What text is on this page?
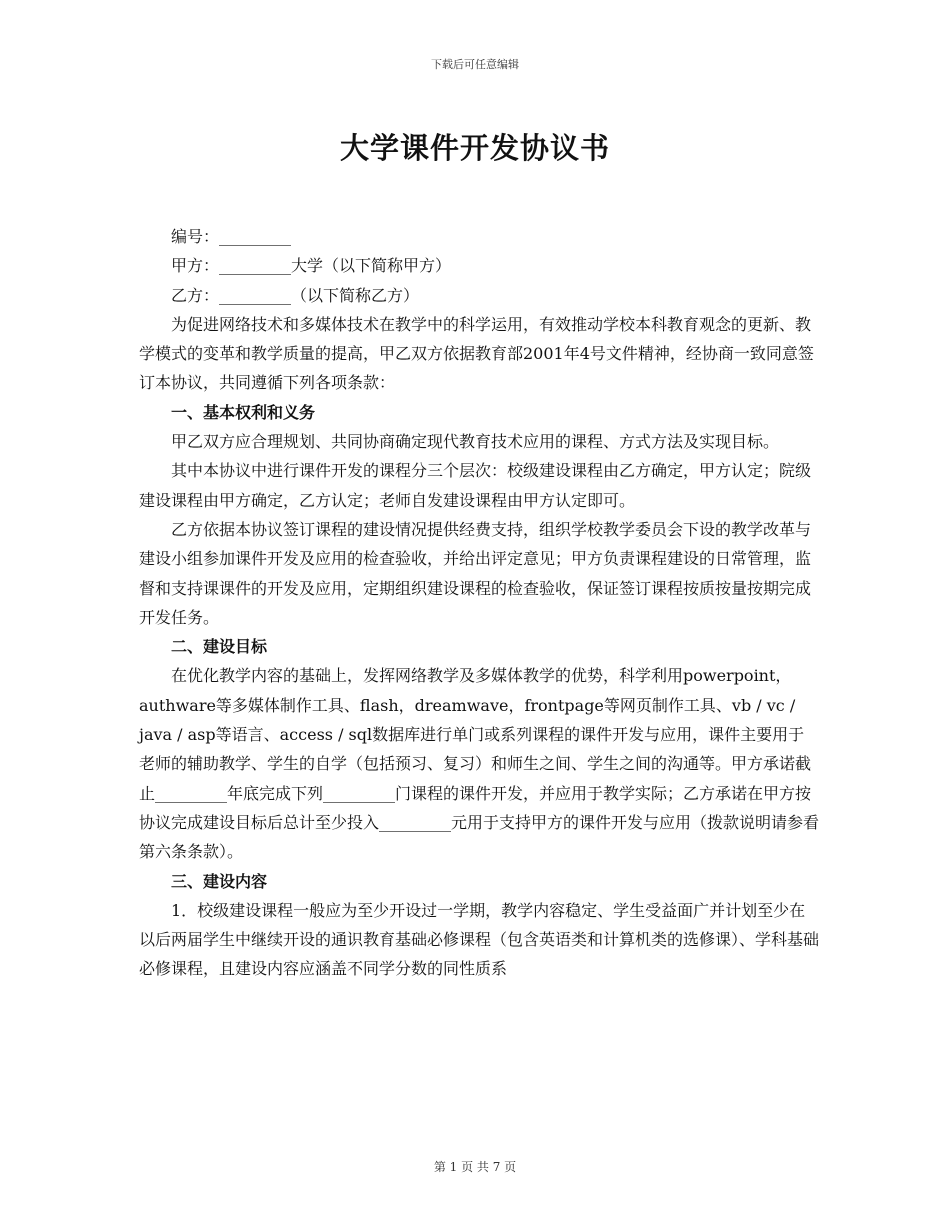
下载后可任意编辑
大学课件开发协议书

编号：_________

甲方：_________大学（以下简称甲方）

乙方：_________（以下简称乙方）

为促进网络技术和多媒体技术在教学中的科学运用，有效推动学校本科教育观念的更新、教学模式的变革和教学质量的提高，甲乙双方依据教育部2001年4号文件精神，经协商一致同意签订本协议，共同遵循下列各项条款：

一、基本权利和义务

甲乙双方应合理规划、共同协商确定现代教育技术应用的课程、方式方法及实现目标。

其中本协议中进行课件开发的课程分三个层次：校级建设课程由乙方确定，甲方认定；院级建设课程由甲方确定，乙方认定；老师自发建设课程由甲方认定即可。

乙方依据本协议签订课程的建设情况提供经费支持，组织学校教学委员会下设的教学改革与建设小组参加课件开发及应用的检查验收，并给出评定意见；甲方负责课程建设的日常管理，监督和支持课课件的开发及应用，定期组织建设课程的检查验收，保证签订课程按质按量按期完成开发任务。

二、建设目标

在优化教学内容的基础上，发挥网络教学及多媒体教学的优势，科学利用powerpoint，authware等多媒体制作工具、flash，dreamwave，frontpage等网页制作工具、vb / vc / java / asp等语言、access / sql数据库进行单门或系列课程的课件开发与应用，课件主要用于老师的辅助教学、学生的自学（包括预习、复习）和师生之间、学生之间的沟通等。甲方承诺截止_________年底完成下列_________门课程的课件开发，并应用于教学实际；乙方承诺在甲方按协议完成建设目标后总计至少投入_________元用于支持甲方的课件开发与应用（拨款说明请参看第六条条款）。

三、建设内容

1．校级建设课程一般应为至少开设过一学期，教学内容稳定、学生受益面广并计划至少在以后两届学生中继续开设的通识教育基础必修课程（包含英语类和计算机类的选修课）、学科基础必修课程，且建设内容应涵盖不同学分数的同性质系

第 1 页 共 7 页
